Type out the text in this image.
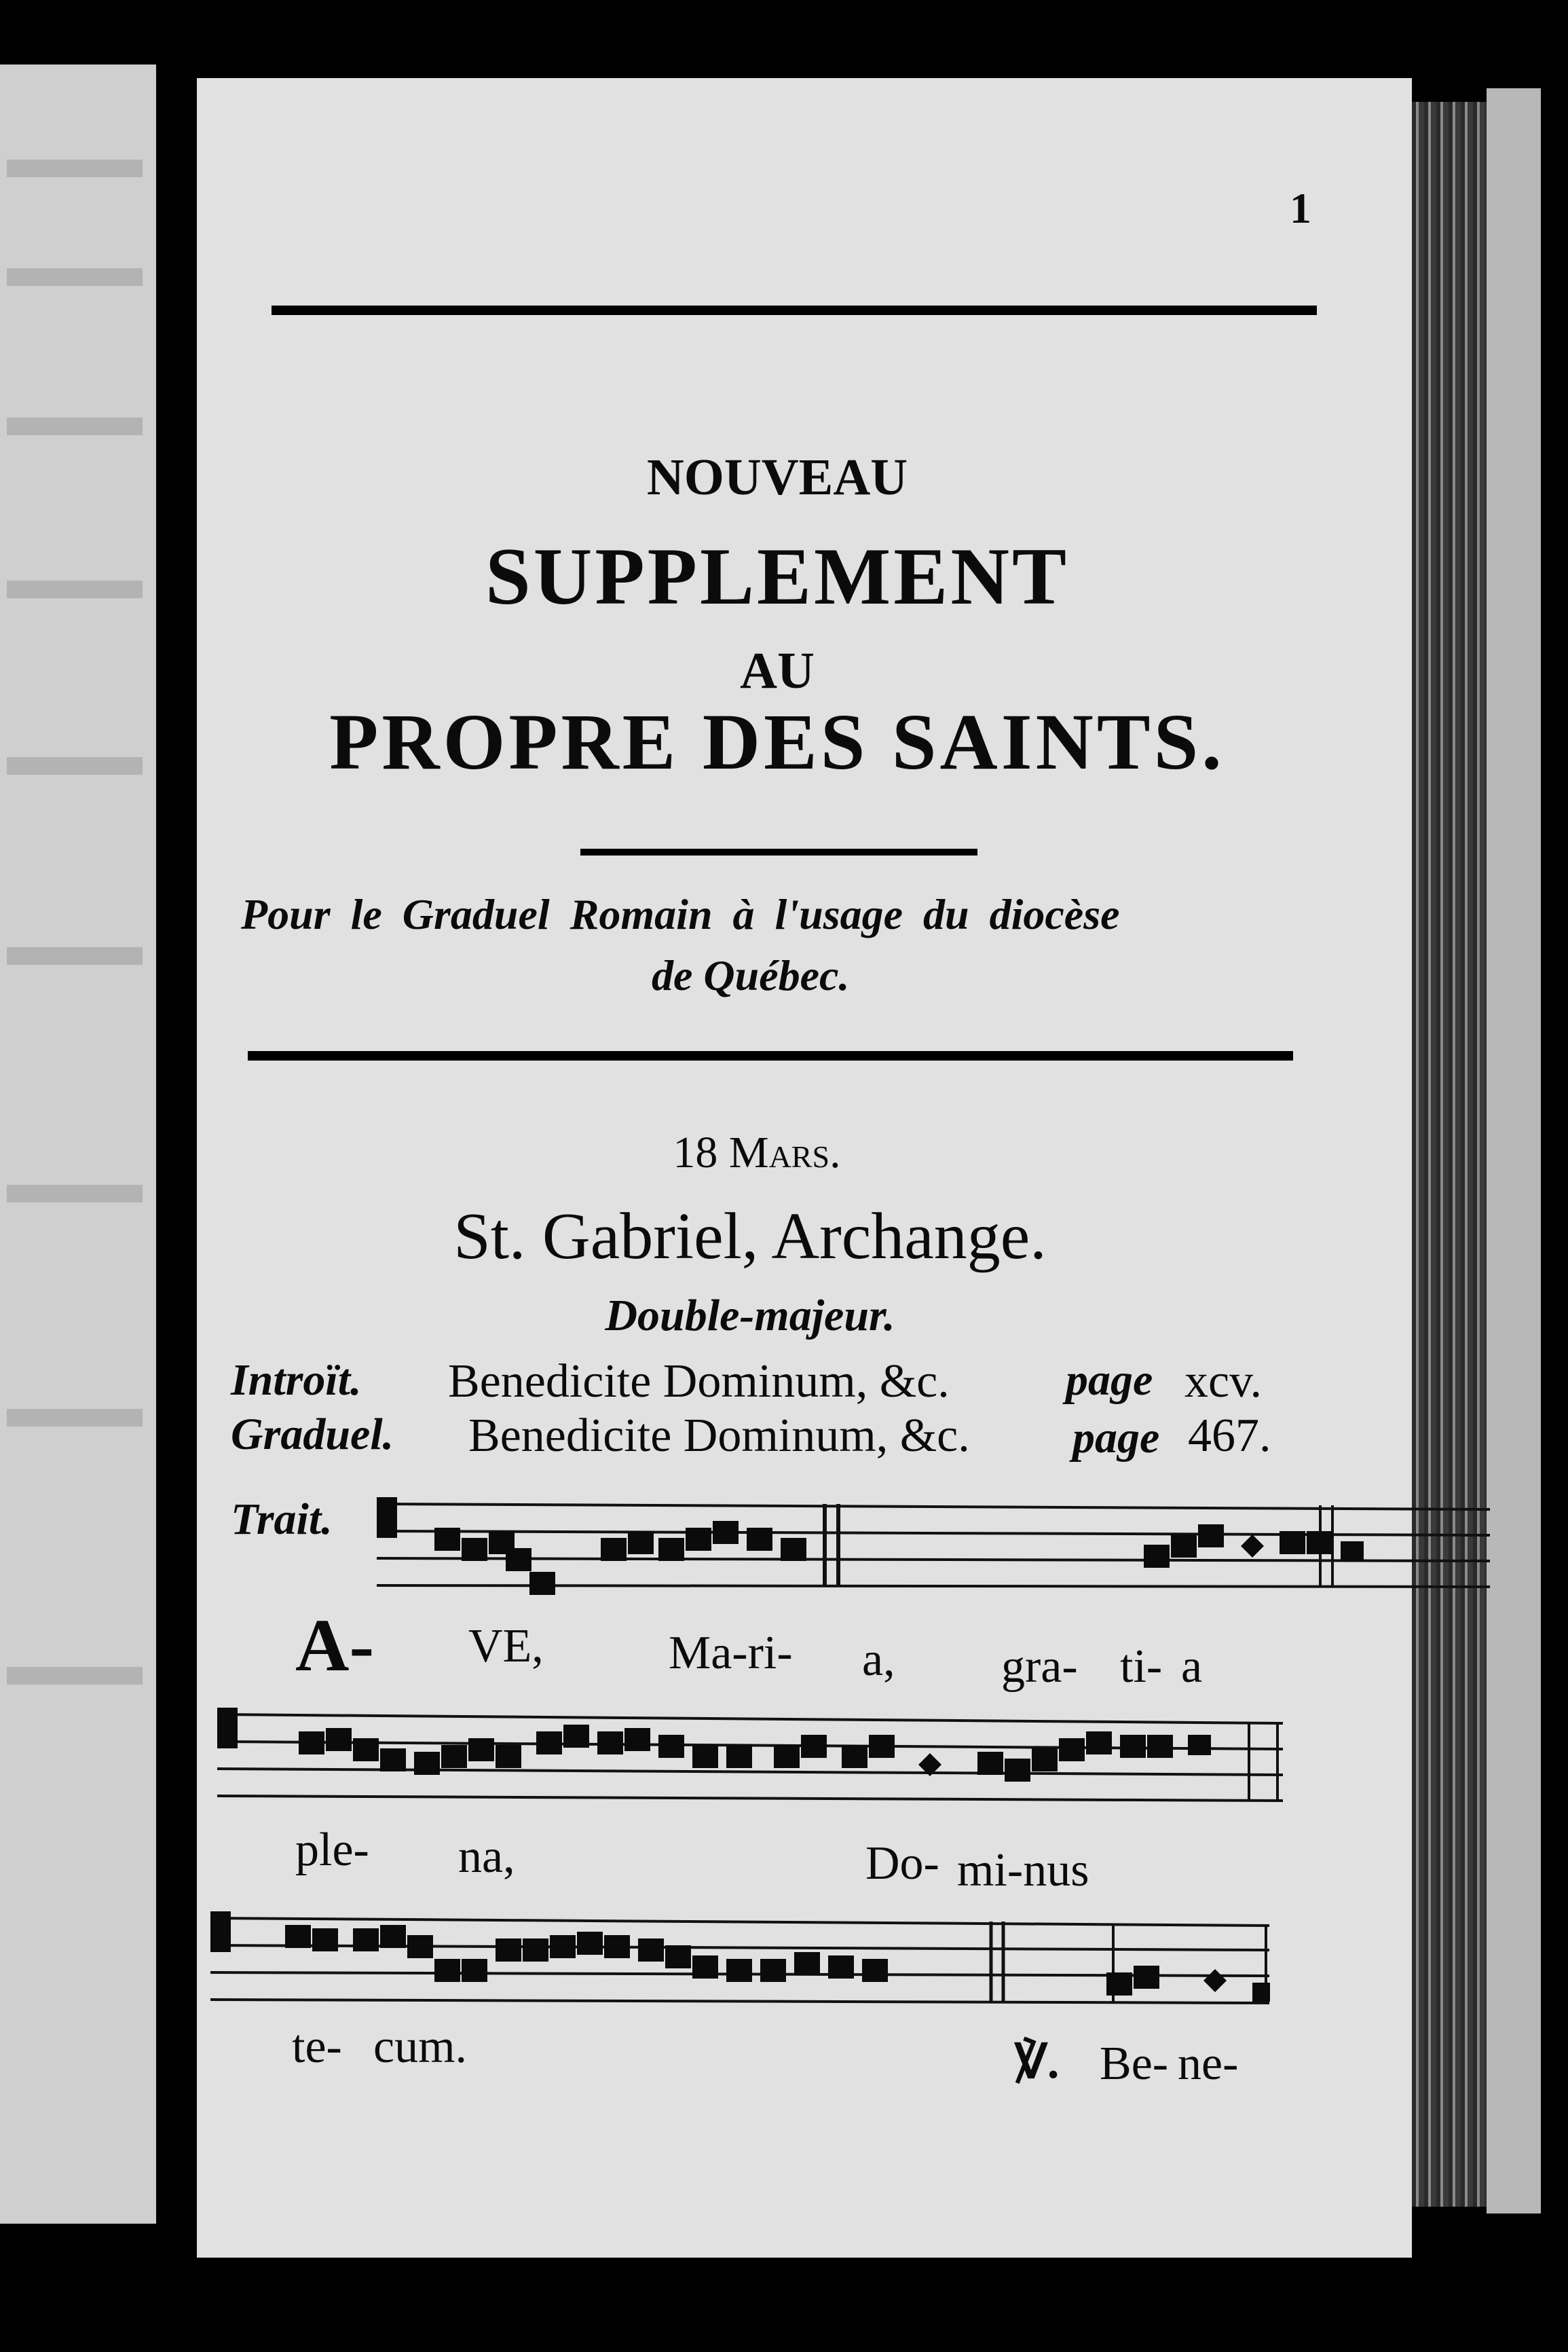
1
NOUVEAU
SUPPLEMENT
AU
PROPRE DES SAINTS.
Pour le Graduel Romain à l'usage du diocèse
de Québec.
18 Mars.
St. Gabriel, Archange.
Double-majeur.
Introït. Benedicite Dominum, &c.	page xcv.
Graduel. Benedicite Dominum, &c. page 467.
Trait.
A- VE,	Ma-ri- a, gra- ti- a
ple- na,	Do- mi-nus
te- cum.	℣. Be- ne-
